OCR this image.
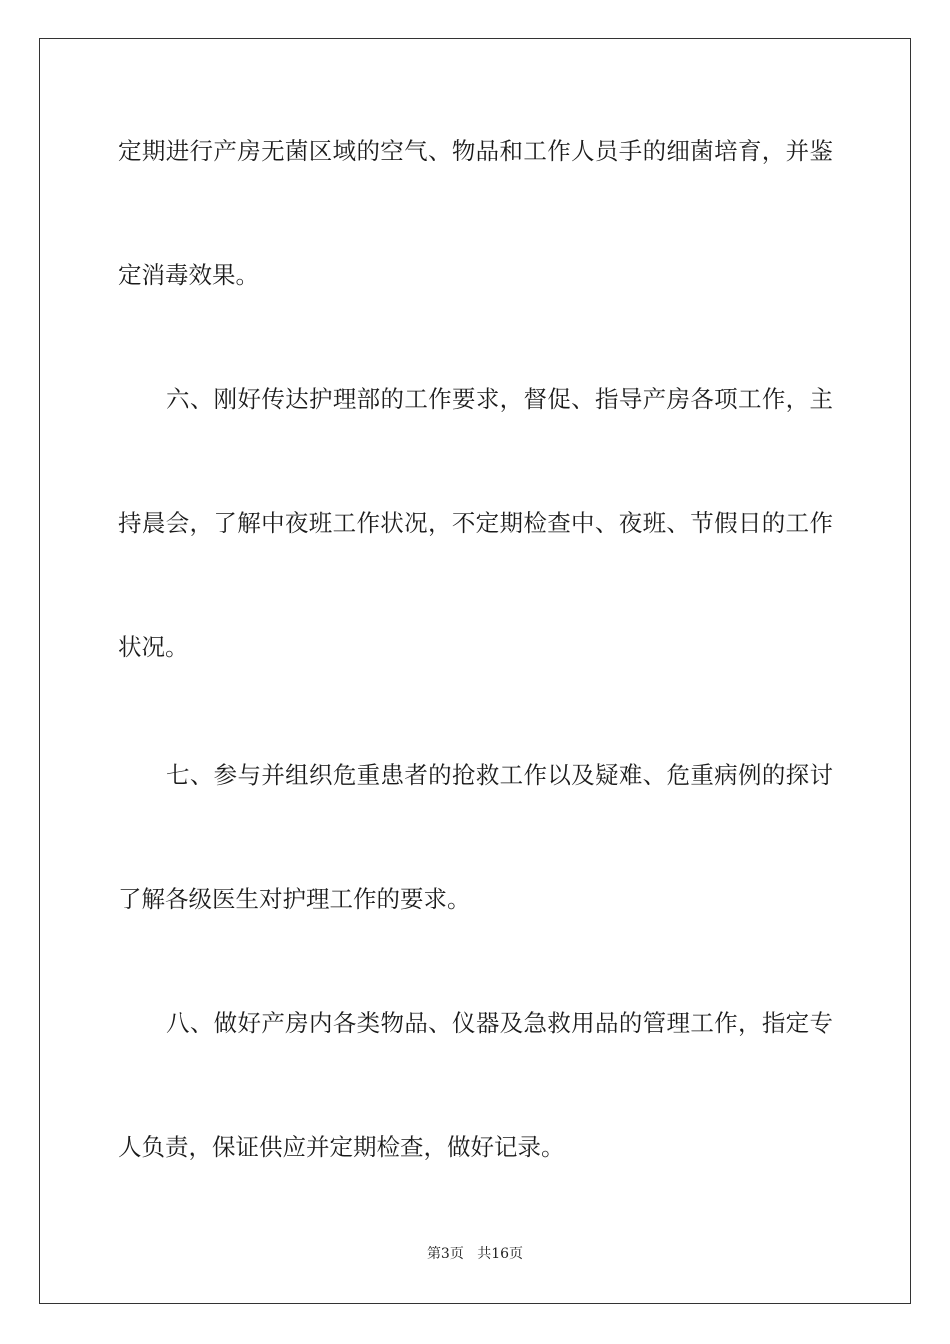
定期进行产房无菌区域的空气、物品和工作人员手的细菌培育，并鉴
定消毒效果。
六、刚好传达护理部的工作要求，督促、指导产房各项工作，主
持晨会，了解中夜班工作状况，不定期检查中、夜班、节假日的工作
状况。
七、参与并组织危重患者的抢救工作以及疑难、危重病例的探讨
了解各级医生对护理工作的要求。
八、做好产房内各类物品、仪器及急救用品的管理工作，指定专
人负责，保证供应并定期检查，做好记录。
第3页 共16页
